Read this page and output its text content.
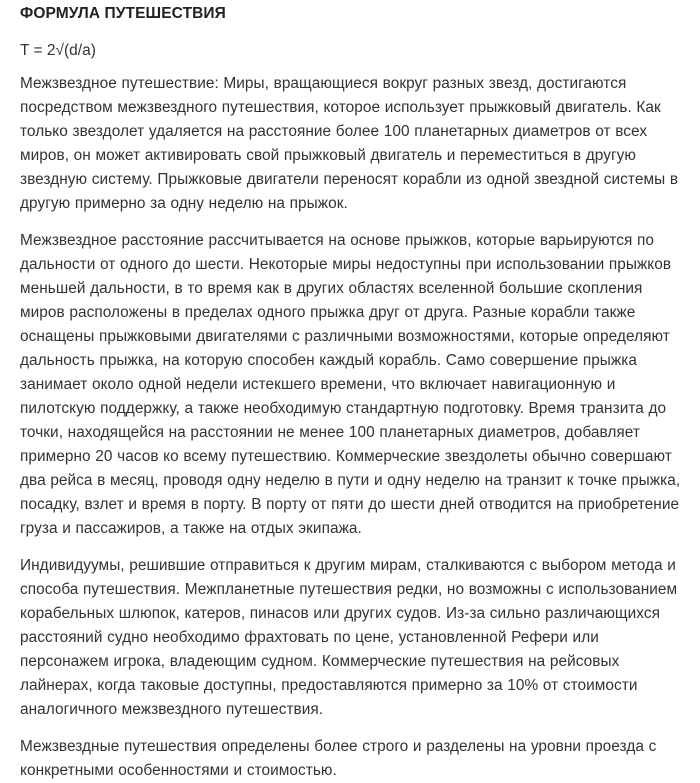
ФОРМУЛА ПУТЕШЕСТВИЯ

T = 2√(d/a)

Межзвездное путешествие: Миры, вращающиеся вокруг разных звезд, достигаются посредством межзвездного путешествия, которое использует прыжковый двигатель. Как только звездолет удаляется на расстояние более 100 планетарных диаметров от всех миров, он может активировать свой прыжковый двигатель и переместиться в другую звездную систему. Прыжковые двигатели переносят корабли из одной звездной системы в другую примерно за одну неделю на прыжок.

Межзвездное расстояние рассчитывается на основе прыжков, которые варьируются по дальности от одного до шести. Некоторые миры недоступны при использовании прыжков меньшей дальности, в то время как в других областях вселенной большие скопления миров расположены в пределах одного прыжка друг от друга. Разные корабли также оснащены прыжковыми двигателями с различными возможностями, которые определяют дальность прыжка, на которую способен каждый корабль. Само совершение прыжка занимает около одной недели истекшего времени, что включает навигационную и пилотскую поддержку, а также необходимую стандартную подготовку. Время транзита до точки, находящейся на расстоянии не менее 100 планетарных диаметров, добавляет примерно 20 часов ко всему путешествию. Коммерческие звездолеты обычно совершают два рейса в месяц, проводя одну неделю в пути и одну неделю на транзит к точке прыжка, посадку, взлет и время в порту. В порту от пяти до шести дней отводится на приобретение груза и пассажиров, а также на отдых экипажа.

Индивидуумы, решившие отправиться к другим мирам, сталкиваются с выбором метода и способа путешествия. Межпланетные путешествия редки, но возможны с использованием корабельных шлюпок, катеров, пинасов или других судов. Из-за сильно различающихся расстояний судно необходимо фрахтовать по цене, установленной Рефери или персонажем игрока, владеющим судном. Коммерческие путешествия на рейсовых лайнерах, когда таковые доступны, предоставляются примерно за 10% от стоимости аналогичного межзвездного путешествия.

Межзвездные путешествия определены более строго и разделены на уровни проезда с конкретными особенностями и стоимостью.
